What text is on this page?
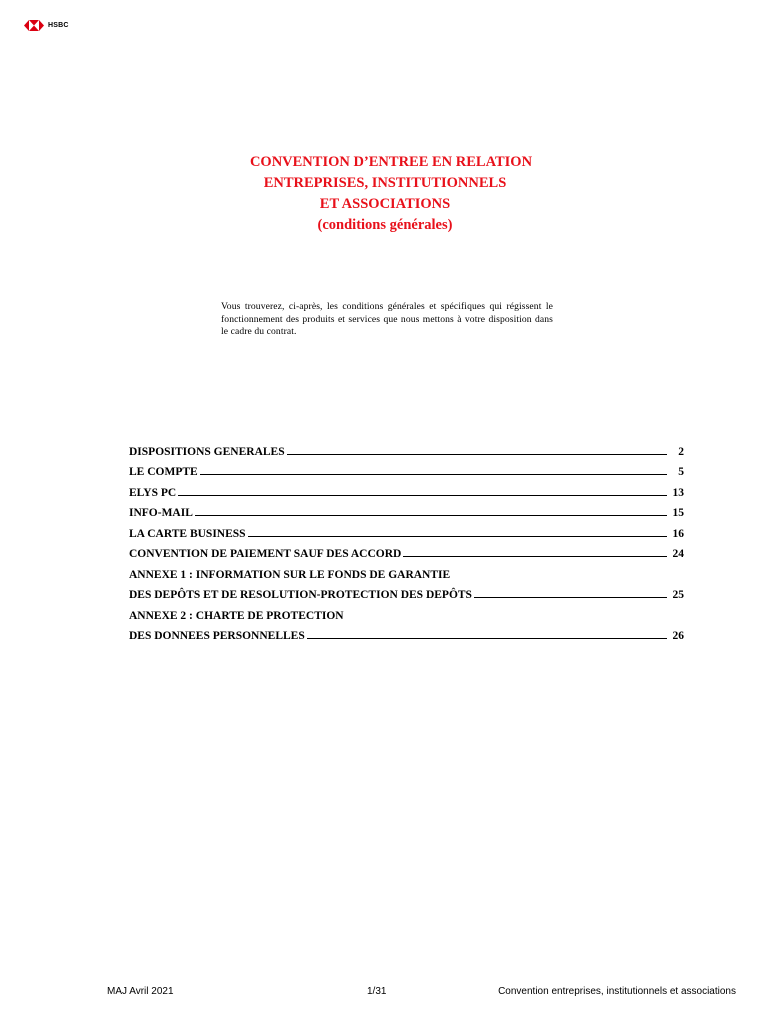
HSBC
CONVENTION D’ENTREE EN RELATION
ENTREPRISES, INSTITUTIONNELS
ET ASSOCIATIONS
(conditions générales)
Vous trouverez, ci-après, les conditions générales et spécifiques qui régissent le fonctionnement des produits et services que nous mettons à votre disposition dans le cadre du contrat.
DISPOSITIONS GENERALES	2
LE COMPTE	5
ELYS PC	13
INFO-MAIL	15
LA CARTE BUSINESS	16
CONVENTION DE PAIEMENT SAUF DES ACCORD	24
ANNEXE 1 : INFORMATION SUR LE FONDS DE GARANTIE
DES DEPÔTS ET DE RESOLUTION-PROTECTION DES DEPÔTS	25
ANNEXE 2 : CHARTE DE PROTECTION
DES DONNEES PERSONNELLES	26
MAJ Avril 2021	1/31	Convention entreprises, institutionnels et associations
